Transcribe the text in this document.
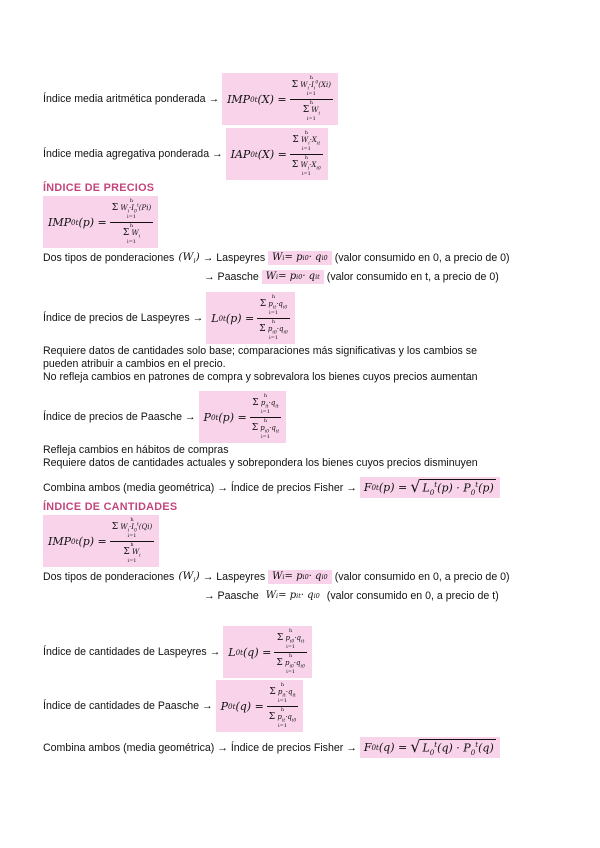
Índice media aritmética ponderada → IMP 0 t (X) = h
Σ $W_i\cdot I_i^0(Xi)$
i=1
h
Σ $W_i$
i=1
Índice media agregativa ponderada → IAP 0 t (X) = h
Σ $W_i\cdot X_{it}$
i=1
h
Σ $W_i\cdot X_{i0}$
i=1
ÍNDICE DE PRECIOS
IMP 0 t (p) = h
Σ $W_i\cdot I_0^t(Pi)$
i=1
h
Σ $W_i$
i=1
Dos tipos de ponderaciones $(W_i)$ → Laspeyres W i = p i0 · q i0 (valor consumido en 0, a precio de 0)
→ Paasche W i = p i0 · q it (valor consumido en t, a precio de 0)
Índice de precios de Laspeyres → L 0 t (p) = h
Σ $p_{it}\cdot q_{i0}$
i=1
h
Σ $p_{i0}\cdot q_{i0}$
i=1
Requiere datos de cantidades solo base; comparaciones más significativas y los cambios se
pueden atribuir a cambios en el precio.
No refleja cambios en patrones de compra y sobrevalora los bienes cuyos precios aumentan
Índice de precios de Paasche → P 0 t (p) = h
Σ $p_{it}\cdot q_{it}$
i=1
h
Σ $p_{i0}\cdot q_{it}$
i=1
Refleja cambios en hábitos de compras
Requiere datos de cantidades actuales y sobrepondera los bienes cuyos precios disminuyen
Combina ambos (media geométrica) → Índice de precios Fisher → F 0 t (p) = √ $L_0^t(p) \cdot P_0^t(p)$
ÍNDICE DE CANTIDADES
IMP 0 t (p) = h
Σ $W_i\cdot I_0^t(Qi)$
i=1
h
Σ $W_i$
i=1
Dos tipos de ponderaciones $(W_i)$ → Laspeyres W i = p i0 · q i0 (valor consumido en 0, a precio de 0)
→ Paasche W i = p it · q i0 (valor consumido en 0, a precio de t)
Índice de cantidades de Laspeyres → L 0 t (q) = h
Σ $p_{i0}\cdot q_{it}$
i=1
h
Σ $p_{i0}\cdot q_{i0}$
i=1
Índice de cantidades de Paasche → P 0 t (q) = h
Σ $p_{it}\cdot q_{it}$
i=1
h
Σ $p_{it}\cdot q_{i0}$
i=1
Combina ambos (media geométrica) → Índice de precios Fisher → F 0 t (q) = √ $L_0^t(q) \cdot P_0^t(q)$
